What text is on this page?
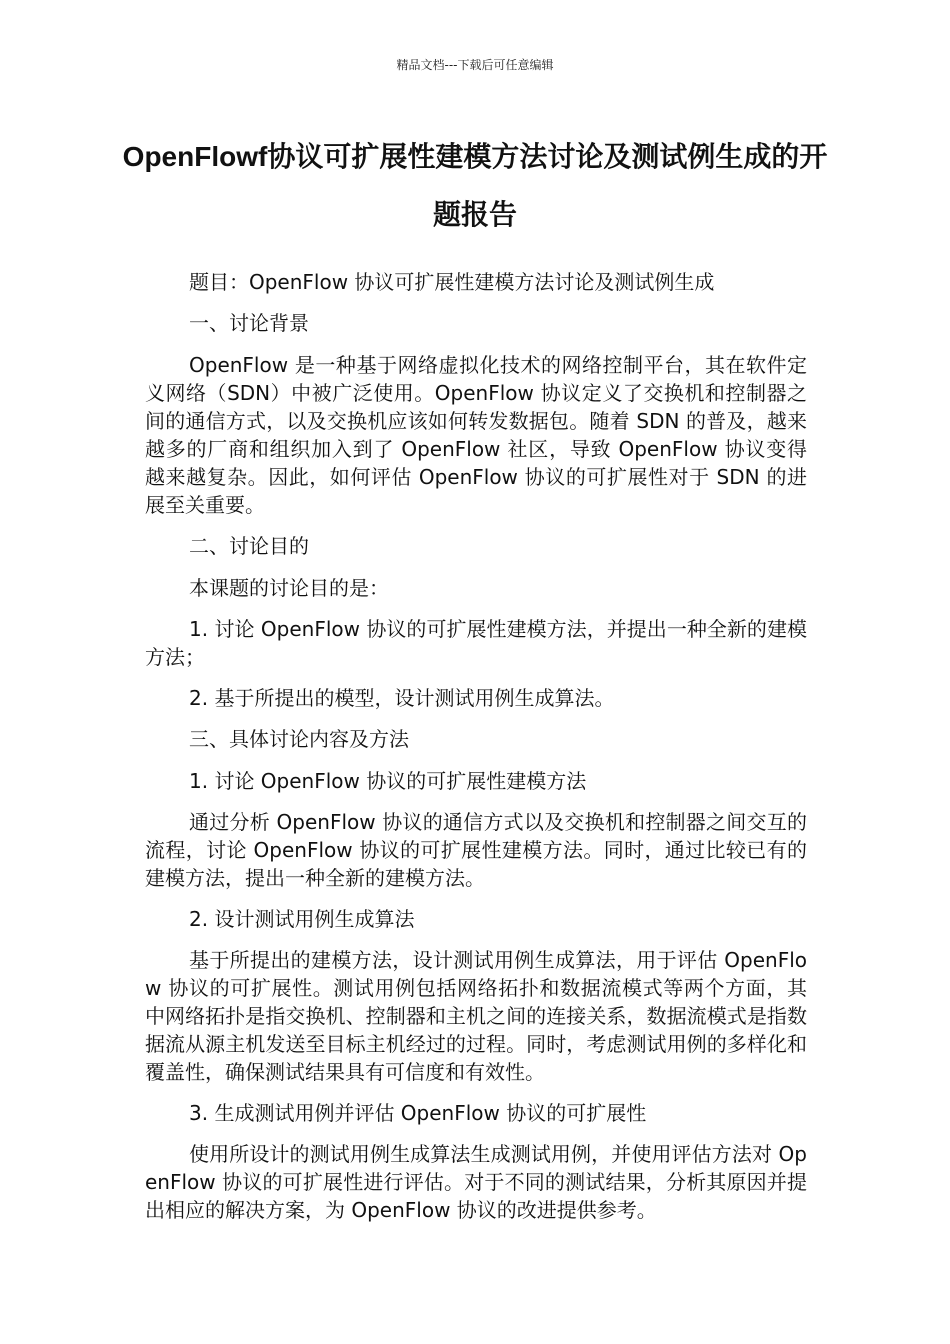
精品文档---下载后可任意编辑
OpenFlowf协议可扩展性建模方法讨论及测试例生成的开题报告

题目：OpenFlow 协议可扩展性建模方法讨论及测试例生成

一、讨论背景

OpenFlow 是一种基于网络虚拟化技术的网络控制平台，其在软件定义网络（SDN）中被广泛使用。OpenFlow 协议定义了交换机和控制器之间的通信方式，以及交换机应该如何转发数据包。随着 SDN 的普及，越来越多的厂商和组织加入到了 OpenFlow 社区，导致 OpenFlow 协议变得越来越复杂。因此，如何评估 OpenFlow 协议的可扩展性对于 SDN 的进展至关重要。

二、讨论目的

本课题的讨论目的是：

1. 讨论 OpenFlow 协议的可扩展性建模方法，并提出一种全新的建模方法；

2. 基于所提出的模型，设计测试用例生成算法。

三、具体讨论内容及方法

1. 讨论 OpenFlow 协议的可扩展性建模方法

通过分析 OpenFlow 协议的通信方式以及交换机和控制器之间交互的流程，讨论 OpenFlow 协议的可扩展性建模方法。同时，通过比较已有的建模方法，提出一种全新的建模方法。

2. 设计测试用例生成算法

基于所提出的建模方法，设计测试用例生成算法，用于评估 OpenFlow 协议的可扩展性。测试用例包括网络拓扑和数据流模式等两个方面，其中网络拓扑是指交换机、控制器和主机之间的连接关系，数据流模式是指数据流从源主机发送至目标主机经过的过程。同时，考虑测试用例的多样化和覆盖性，确保测试结果具有可信度和有效性。

3. 生成测试用例并评估 OpenFlow 协议的可扩展性

使用所设计的测试用例生成算法生成测试用例，并使用评估方法对 OpenFlow 协议的可扩展性进行评估。对于不同的测试结果，分析其原因并提出相应的解决方案，为 OpenFlow 协议的改进提供参考。
